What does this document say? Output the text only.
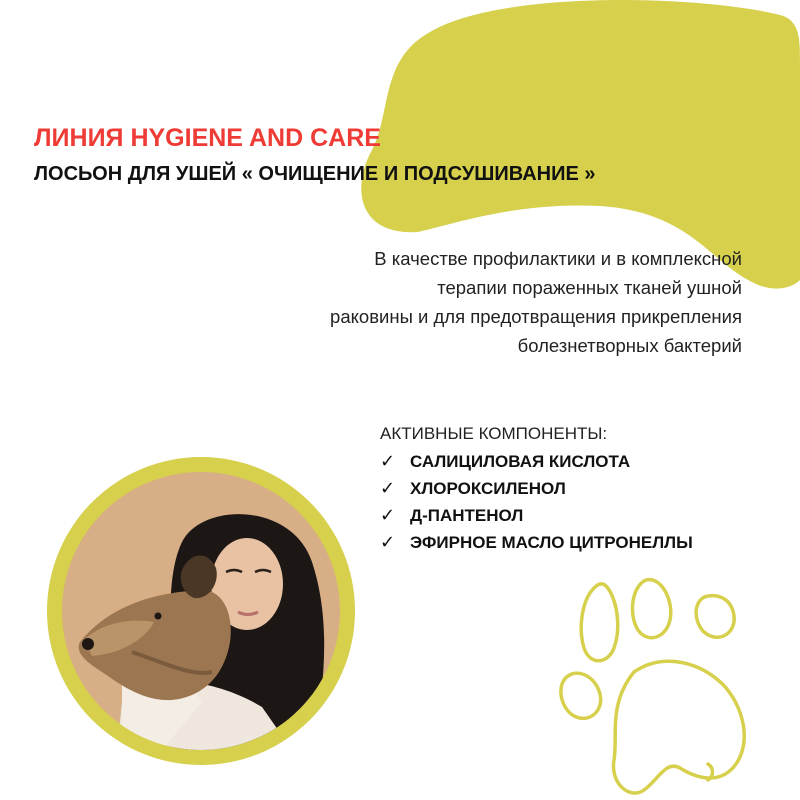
ЛИНИЯ HYGIENE AND CARE
ЛОСЬОН ДЛЯ УШЕЙ « ОЧИЩЕНИЕ И ПОДСУШИВАНИЕ »
В качестве профилактики и в комплексной
терапии пораженных тканей ушной
раковины и для предотвращения прикрепления
болезнетворных бактерий
АКТИВНЫЕ КОМПОНЕНТЫ:
✓ САЛИЦИЛОВАЯ КИСЛОТА
✓ ХЛОРОКСИЛЕНОЛ
✓ Д-ПАНТЕНОЛ
✓ ЭФИРНОЕ МАСЛО ЦИТРОНЕЛЛЫ
